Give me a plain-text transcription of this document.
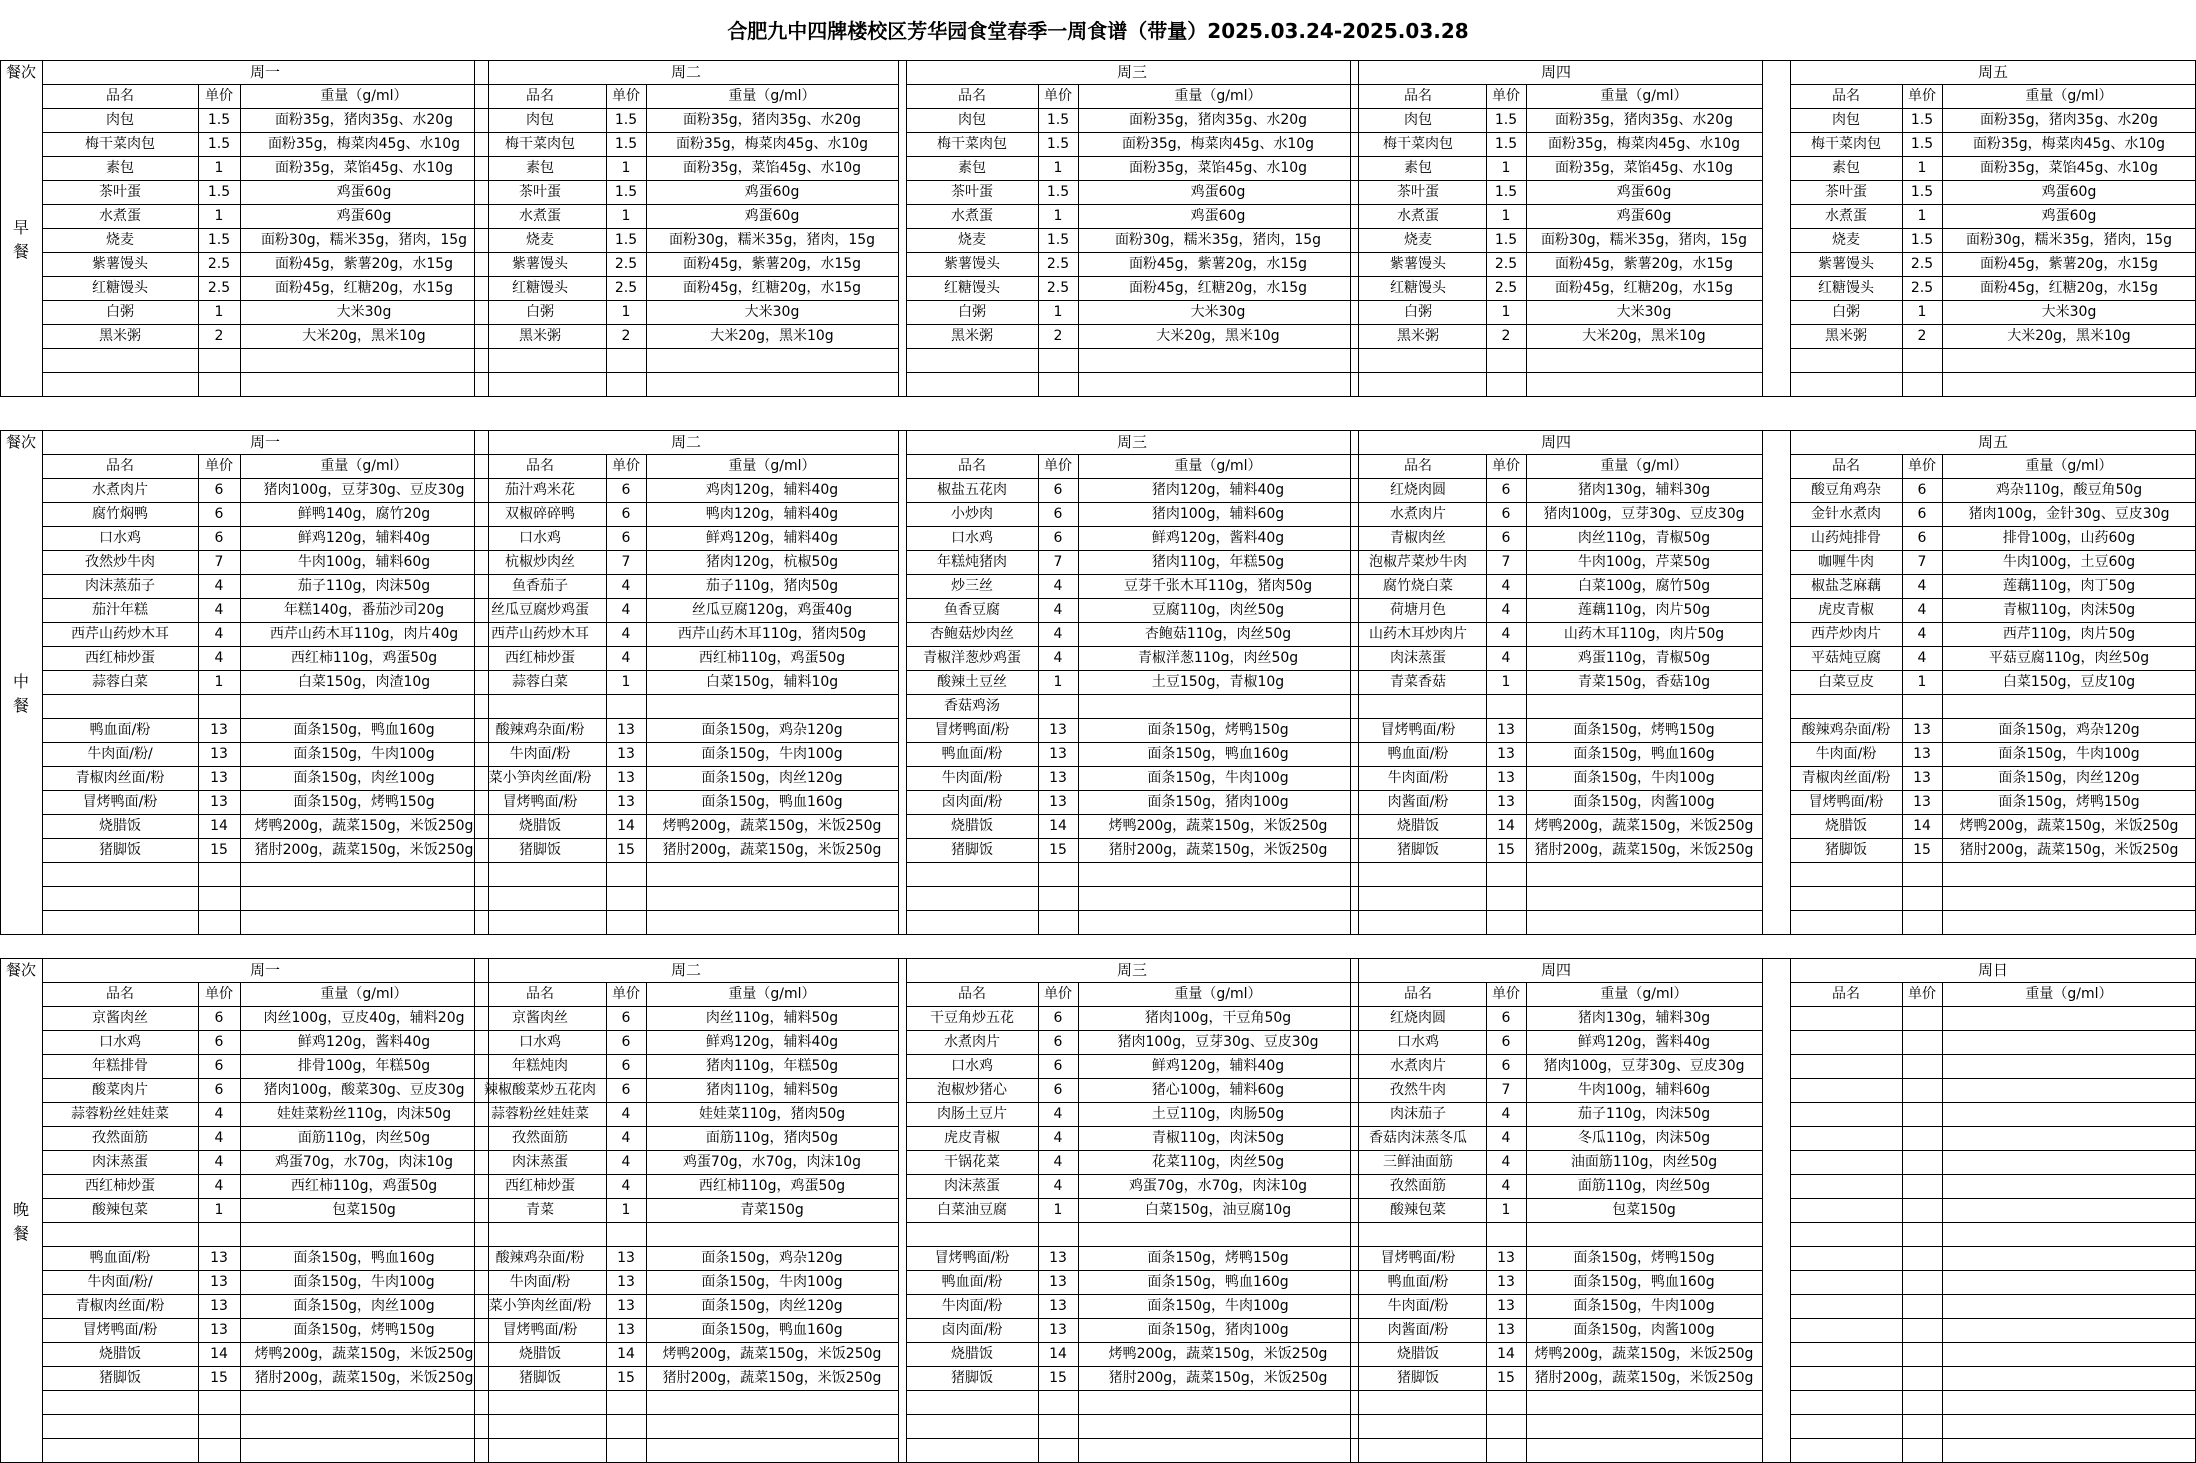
合肥九中四牌楼校区芳华园食堂春季一周食谱（带量）2025.03.24-2025.03.28
餐次
早餐
周一
品名	单价	重量（g/ml）
肉包	1.5	面粉35g，猪肉35g、水20g
梅干菜肉包	1.5	面粉35g，梅菜肉45g、水10g
素包	1	面粉35g，菜馅45g、水10g
茶叶蛋	1.5	鸡蛋60g
水煮蛋	1	鸡蛋60g
烧麦	1.5	面粉30g，糯米35g，猪肉，15g
紫薯馒头	2.5	面粉45g，紫薯20g，水15g
红糖馒头	2.5	面粉45g，红糖20g，水15g
白粥	1	大米30g
黑米粥	2	大米20g，黑米10g
周二
品名	单价	重量（g/ml）
肉包	1.5	面粉35g，猪肉35g、水20g
梅干菜肉包	1.5	面粉35g，梅菜肉45g、水10g
素包	1	面粉35g，菜馅45g、水10g
茶叶蛋	1.5	鸡蛋60g
水煮蛋	1	鸡蛋60g
烧麦	1.5	面粉30g，糯米35g，猪肉，15g
紫薯馒头	2.5	面粉45g，紫薯20g，水15g
红糖馒头	2.5	面粉45g，红糖20g，水15g
白粥	1	大米30g
黑米粥	2	大米20g，黑米10g
周三
品名	单价	重量（g/ml）
肉包	1.5	面粉35g，猪肉35g、水20g
梅干菜肉包	1.5	面粉35g，梅菜肉45g、水10g
素包	1	面粉35g，菜馅45g、水10g
茶叶蛋	1.5	鸡蛋60g
水煮蛋	1	鸡蛋60g
烧麦	1.5	面粉30g，糯米35g，猪肉，15g
紫薯馒头	2.5	面粉45g，紫薯20g，水15g
红糖馒头	2.5	面粉45g，红糖20g，水15g
白粥	1	大米30g
黑米粥	2	大米20g，黑米10g
周四
品名	单价	重量（g/ml）
肉包	1.5	面粉35g，猪肉35g、水20g
梅干菜肉包	1.5	面粉35g，梅菜肉45g、水10g
素包	1	面粉35g，菜馅45g、水10g
茶叶蛋	1.5	鸡蛋60g
水煮蛋	1	鸡蛋60g
烧麦	1.5	面粉30g，糯米35g，猪肉，15g
紫薯馒头	2.5	面粉45g，紫薯20g，水15g
红糖馒头	2.5	面粉45g，红糖20g，水15g
白粥	1	大米30g
黑米粥	2	大米20g，黑米10g
周五
品名	单价	重量（g/ml）
肉包	1.5	面粉35g，猪肉35g、水20g
梅干菜肉包	1.5	面粉35g，梅菜肉45g、水10g
素包	1	面粉35g，菜馅45g、水10g
茶叶蛋	1.5	鸡蛋60g
水煮蛋	1	鸡蛋60g
烧麦	1.5	面粉30g，糯米35g，猪肉，15g
紫薯馒头	2.5	面粉45g，紫薯20g，水15g
红糖馒头	2.5	面粉45g，红糖20g，水15g
白粥	1	大米30g
黑米粥	2	大米20g，黑米10g
餐次
中餐
周一
品名	单价	重量（g/ml）
水煮肉片	6	猪肉100g，豆芽30g、豆皮30g
腐竹焖鸭	6	鲜鸭140g，腐竹20g
口水鸡	6	鲜鸡120g，辅料40g
孜然炒牛肉	7	牛肉100g，辅料60g
肉沫蒸茄子	4	茄子110g，肉沫50g
茄汁年糕	4	年糕140g，番茄沙司20g
西芹山药炒木耳	4	西芹山药木耳110g，肉片40g
西红柿炒蛋	4	西红柿110g，鸡蛋50g
蒜蓉白菜	1	白菜150g，肉渣10g
鸭血面/粉	13	面条150g，鸭血160g
牛肉面/粉/	13	面条150g，牛肉100g
青椒肉丝面/粉	13	面条150g，肉丝100g
冒烤鸭面/粉	13	面条150g，烤鸭150g
烧腊饭	14	烤鸭200g，蔬菜150g，米饭250g
猪脚饭	15	猪肘200g，蔬菜150g，米饭250g
周二
品名	单价	重量（g/ml）
茄汁鸡米花	6	鸡肉120g，辅料40g
双椒碎碎鸭	6	鸭肉120g，辅料40g
口水鸡	6	鲜鸡120g，辅料40g
杭椒炒肉丝	7	猪肉120g，杭椒50g
鱼香茄子	4	茄子110g，猪肉50g
丝瓜豆腐炒鸡蛋	4	丝瓜豆腐120g，鸡蛋40g
西芹山药炒木耳	4	西芹山药木耳110g，猪肉50g
西红柿炒蛋	4	西红柿110g，鸡蛋50g
蒜蓉白菜	1	白菜150g，辅料10g
酸辣鸡杂面/粉	13	面条150g，鸡杂120g
牛肉面/粉	13	面条150g，牛肉100g
菜小笋肉丝面/粉	13	面条150g，肉丝120g
冒烤鸭面/粉	13	面条150g，鸭血160g
烧腊饭	14	烤鸭200g，蔬菜150g，米饭250g
猪脚饭	15	猪肘200g，蔬菜150g，米饭250g
周三
品名	单价	重量（g/ml）
椒盐五花肉	6	猪肉120g，辅料40g
小炒肉	6	猪肉100g，辅料60g
口水鸡	6	鲜鸡120g，酱料40g
年糕炖猪肉	7	猪肉110g，年糕50g
炒三丝	4	豆芽千张木耳110g，猪肉50g
鱼香豆腐	4	豆腐110g，肉丝50g
杏鲍菇炒肉丝	4	杏鲍菇110g，肉丝50g
青椒洋葱炒鸡蛋	4	青椒洋葱110g，肉丝50g
酸辣土豆丝	1	土豆150g，青椒10g
香菇鸡汤
冒烤鸭面/粉	13	面条150g，烤鸭150g
鸭血面/粉	13	面条150g，鸭血160g
牛肉面/粉	13	面条150g，牛肉100g
卤肉面/粉	13	面条150g，猪肉100g
烧腊饭	14	烤鸭200g，蔬菜150g，米饭250g
猪脚饭	15	猪肘200g，蔬菜150g，米饭250g
周四
品名	单价	重量（g/ml）
红烧肉圆	6	猪肉130g，辅料30g
水煮肉片	6	猪肉100g，豆芽30g、豆皮30g
青椒肉丝	6	肉丝110g，青椒50g
泡椒芹菜炒牛肉	7	牛肉100g，芹菜50g
腐竹烧白菜	4	白菜100g，腐竹50g
荷塘月色	4	莲藕110g，肉片50g
山药木耳炒肉片	4	山药木耳110g，肉片50g
肉沫蒸蛋	4	鸡蛋110g，青椒50g
青菜香菇	1	青菜150g，香菇10g
冒烤鸭面/粉	13	面条150g，烤鸭150g
鸭血面/粉	13	面条150g，鸭血160g
牛肉面/粉	13	面条150g，牛肉100g
肉酱面/粉	13	面条150g，肉酱100g
烧腊饭	14	烤鸭200g，蔬菜150g，米饭250g
猪脚饭	15	猪肘200g，蔬菜150g，米饭250g
周五
品名	单价	重量（g/ml）
酸豆角鸡杂	6	鸡杂110g，酸豆角50g
金针水煮肉	6	猪肉100g，金针30g、豆皮30g
山药炖排骨	6	排骨100g，山药60g
咖喱牛肉	7	牛肉100g，土豆60g
椒盐芝麻藕	4	莲藕110g，肉丁50g
虎皮青椒	4	青椒110g，肉沫50g
西芹炒肉片	4	西芹110g，肉片50g
平菇炖豆腐	4	平菇豆腐110g，肉丝50g
白菜豆皮	1	白菜150g，豆皮10g
酸辣鸡杂面/粉	13	面条150g，鸡杂120g
牛肉面/粉	13	面条150g，牛肉100g
青椒肉丝面/粉	13	面条150g，肉丝120g
冒烤鸭面/粉	13	面条150g，烤鸭150g
烧腊饭	14	烤鸭200g，蔬菜150g，米饭250g
猪脚饭	15	猪肘200g，蔬菜150g，米饭250g
餐次
晚餐
周一
品名	单价	重量（g/ml）
京酱肉丝	6	肉丝100g，豆皮40g，辅料20g
口水鸡	6	鲜鸡120g，酱料40g
年糕排骨	6	排骨100g，年糕50g
酸菜肉片	6	猪肉100g，酸菜30g、豆皮30g
蒜蓉粉丝娃娃菜	4	娃娃菜粉丝110g，肉沫50g
孜然面筋	4	面筋110g，肉丝50g
肉沫蒸蛋	4	鸡蛋70g，水70g，肉沫10g
西红柿炒蛋	4	西红柿110g，鸡蛋50g
酸辣包菜	1	包菜150g
鸭血面/粉	13	面条150g，鸭血160g
牛肉面/粉/	13	面条150g，牛肉100g
青椒肉丝面/粉	13	面条150g，肉丝100g
冒烤鸭面/粉	13	面条150g，烤鸭150g
烧腊饭	14	烤鸭200g，蔬菜150g，米饭250g
猪脚饭	15	猪肘200g，蔬菜150g，米饭250g
周二
品名	单价	重量（g/ml）
京酱肉丝	6	肉丝110g，辅料50g
口水鸡	6	鲜鸡120g，辅料40g
年糕炖肉	6	猪肉110g，年糕50g
辣椒酸菜炒五花肉	6	猪肉110g，辅料50g
蒜蓉粉丝娃娃菜	4	娃娃菜110g，猪肉50g
孜然面筋	4	面筋110g，猪肉50g
肉沫蒸蛋	4	鸡蛋70g，水70g，肉沫10g
西红柿炒蛋	4	西红柿110g，鸡蛋50g
青菜	1	青菜150g
酸辣鸡杂面/粉	13	面条150g，鸡杂120g
牛肉面/粉	13	面条150g，牛肉100g
菜小笋肉丝面/粉	13	面条150g，肉丝120g
冒烤鸭面/粉	13	面条150g，鸭血160g
烧腊饭	14	烤鸭200g，蔬菜150g，米饭250g
猪脚饭	15	猪肘200g，蔬菜150g，米饭250g
周三
品名	单价	重量（g/ml）
干豆角炒五花	6	猪肉100g，干豆角50g
水煮肉片	6	猪肉100g，豆芽30g、豆皮30g
口水鸡	6	鲜鸡120g，辅料40g
泡椒炒猪心	6	猪心100g，辅料60g
肉肠土豆片	4	土豆110g，肉肠50g
虎皮青椒	4	青椒110g，肉沫50g
干锅花菜	4	花菜110g，肉丝50g
肉沫蒸蛋	4	鸡蛋70g，水70g，肉沫10g
白菜油豆腐	1	白菜150g，油豆腐10g
冒烤鸭面/粉	13	面条150g，烤鸭150g
鸭血面/粉	13	面条150g，鸭血160g
牛肉面/粉	13	面条150g，牛肉100g
卤肉面/粉	13	面条150g，猪肉100g
烧腊饭	14	烤鸭200g，蔬菜150g，米饭250g
猪脚饭	15	猪肘200g，蔬菜150g，米饭250g
周四
品名	单价	重量（g/ml）
红烧肉圆	6	猪肉130g，辅料30g
口水鸡	6	鲜鸡120g，酱料40g
水煮肉片	6	猪肉100g，豆芽30g、豆皮30g
孜然牛肉	7	牛肉100g，辅料60g
肉沫茄子	4	茄子110g，肉沫50g
香菇肉沫蒸冬瓜	4	冬瓜110g，肉沫50g
三鲜油面筋	4	油面筋110g，肉丝50g
孜然面筋	4	面筋110g，肉丝50g
酸辣包菜	1	包菜150g
冒烤鸭面/粉	13	面条150g，烤鸭150g
鸭血面/粉	13	面条150g，鸭血160g
牛肉面/粉	13	面条150g，牛肉100g
肉酱面/粉	13	面条150g，肉酱100g
烧腊饭	14	烤鸭200g，蔬菜150g，米饭250g
猪脚饭	15	猪肘200g，蔬菜150g，米饭250g
周日
品名	单价	重量（g/ml）
